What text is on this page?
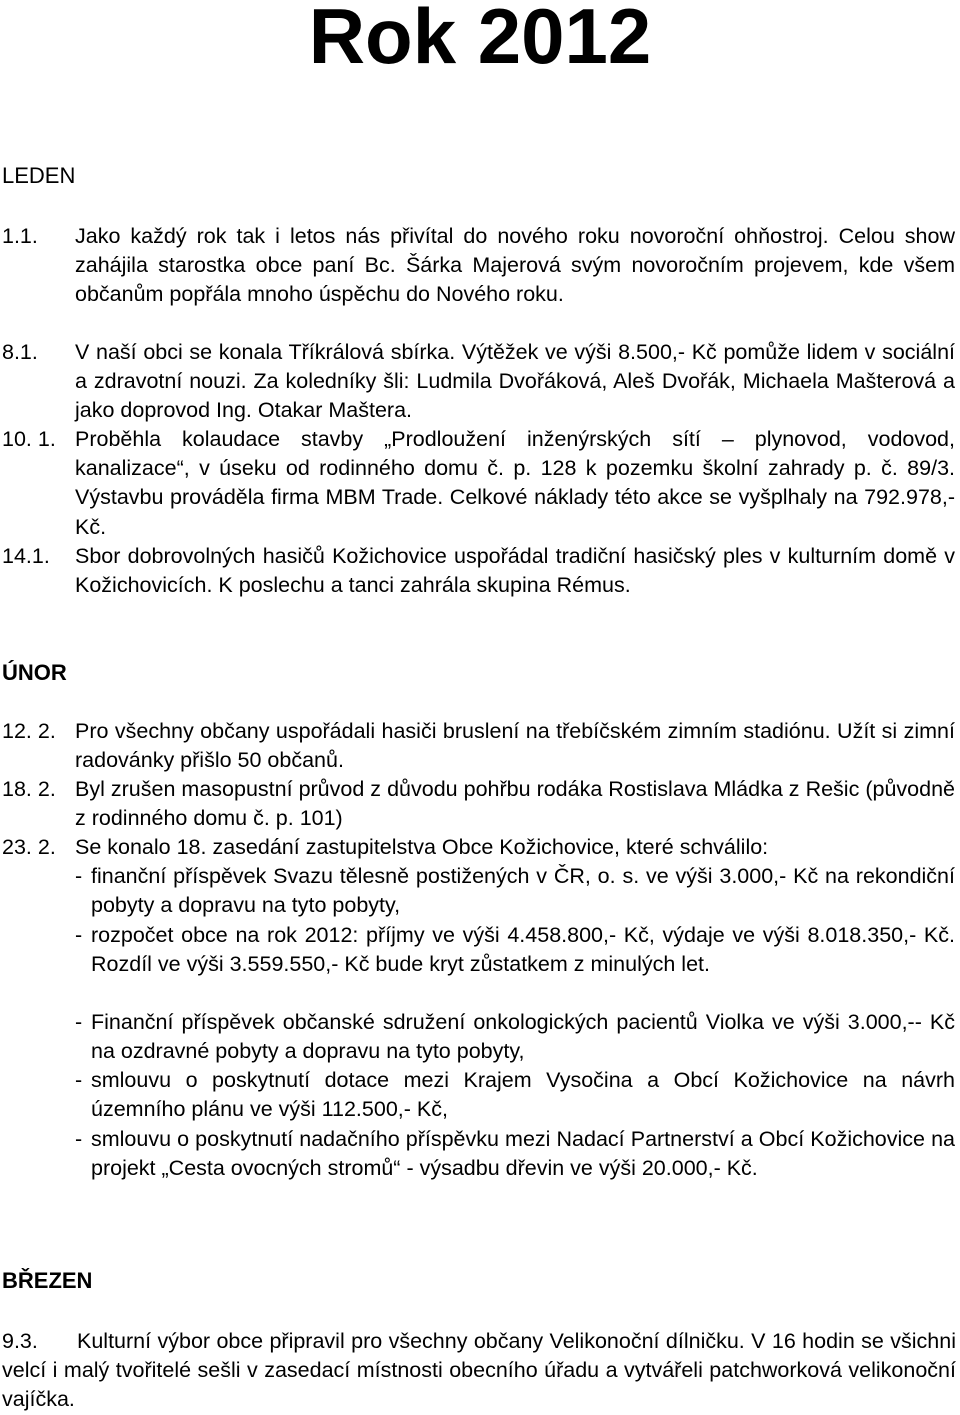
Rok 2012
LEDEN
1.1. Jako každý rok tak i letos nás přivítal do nového roku novoroční ohňostroj. Celou show zahájila starostka obce paní Bc. Šárka Majerová svým novoročním projevem, kde všem občanům popřála mnoho úspěchu do Nového roku.

8.1. V naší obci se konala Tříkrálová sbírka. Výtěžek ve výši 8.500,- Kč pomůže lidem v sociální a zdravotní nouzi. Za koledníky šli: Ludmila Dvořáková, Aleš Dvořák, Michaela Mašterová a jako doprovod Ing. Otakar Maštera.

10. 1. Proběhla kolaudace stavby „Prodloužení inženýrských sítí – plynovod, vodovod, kanalizace“, v úseku od rodinného domu č. p. 128 k pozemku školní zahrady p. č. 89/3. Výstavbu prováděla firma MBM Trade. Celkové náklady této akce se vyšplhaly na 792.978,- Kč.

14.1. Sbor dobrovolných hasičů Kožichovice uspořádal tradiční hasičský ples v kulturním domě v Kožichovicích. K poslechu a tanci zahrála skupina Rémus.

ÚNOR
12. 2. Pro všechny občany uspořádali hasiči bruslení na třebíčském zimním stadiónu. Užít si zimní radovánky přišlo 50 občanů.

18. 2. Byl zrušen masopustní průvod z důvodu pohřbu rodáka Rostislava Mládka z Rešic (původně z rodinného domu č. p. 101)

23. 2. Se konalo 18. zasedání zastupitelstva Obce Kožichovice, které schválilo:

- finanční příspěvek Svazu tělesně postižených v ČR, o. s. ve výši 3.000,- Kč na rekondiční pobyty a dopravu na tyto pobyty,

- rozpočet obce na rok 2012: příjmy ve výši 4.458.800,- Kč, výdaje ve výši 8.018.350,- Kč. Rozdíl ve výši 3.559.550,- Kč bude kryt zůstatkem z minulých let.

- Finanční příspěvek občanské sdružení onkologických pacientů Violka ve výši 3.000,-- Kč na ozdravné pobyty a dopravu na tyto pobyty,

- smlouvu o poskytnutí dotace mezi Krajem Vysočina a Obcí Kožichovice na návrh územního plánu ve výši 112.500,- Kč,

- smlouvu o poskytnutí nadačního příspěvku mezi Nadací Partnerství a Obcí Kožichovice na projekt „Cesta ovocných stromů“ - výsadbu dřevin ve výši 20.000,- Kč.

BŘEZEN

9.3. Kulturní výbor obce připravil pro všechny občany Velikonoční dílničku. V 16 hodin se všichni velcí i malý tvořitelé sešli v zasedací místnosti obecního úřadu a vytvářeli patchworková velikonoční vajíčka.
